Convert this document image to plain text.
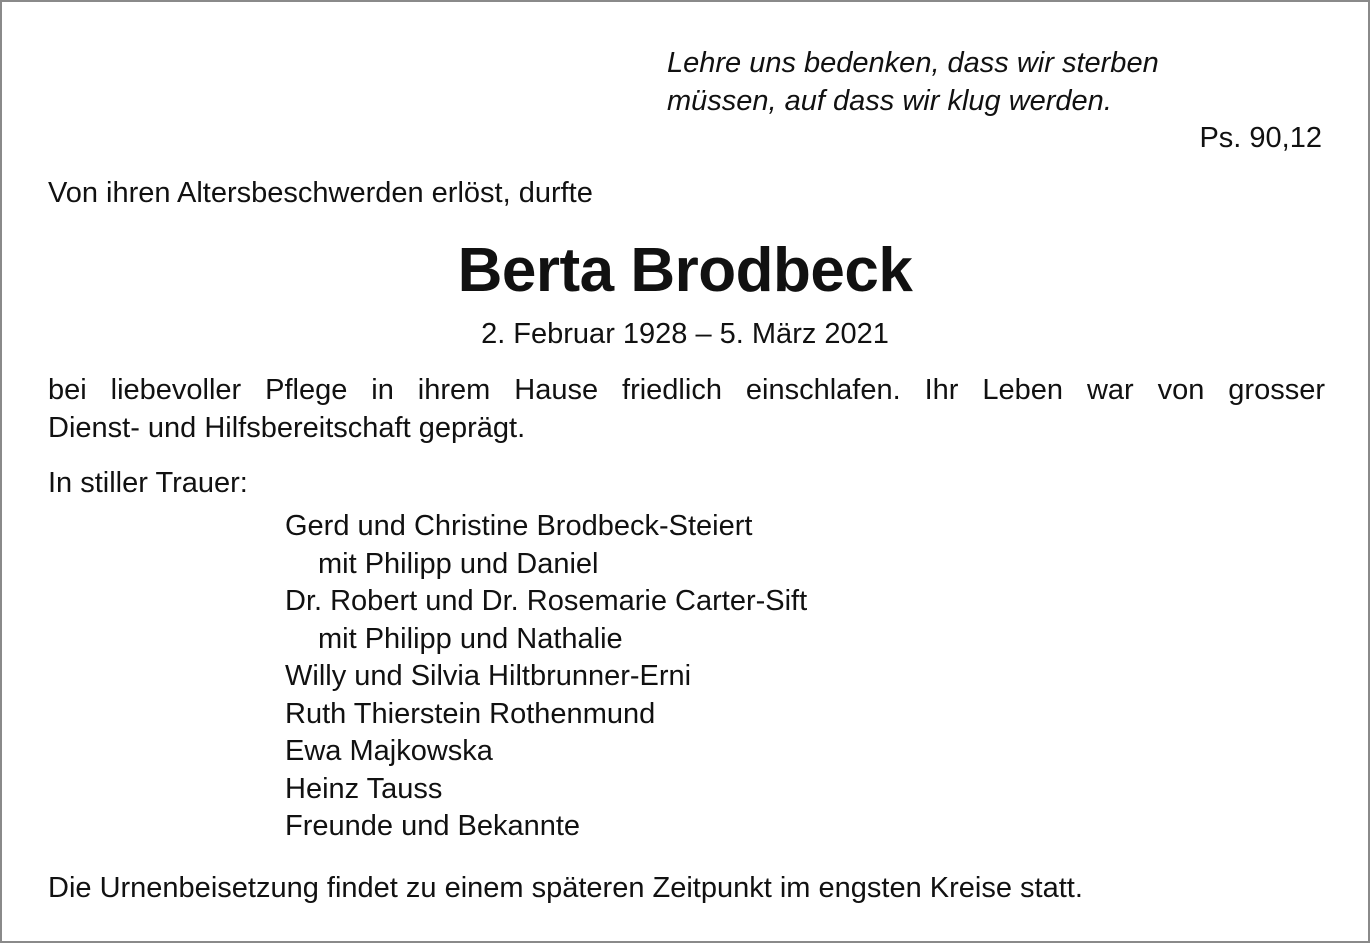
Lehre uns bedenken, dass wir sterben
müssen, auf dass wir klug werden.
Ps. 90,12
Von ihren Altersbeschwerden erlöst, durfte
Berta Brodbeck
2. Februar 1928 – 5. März 2021
bei liebevoller Pflege in ihrem Hause friedlich einschlafen. Ihr Leben war von grosser
Dienst- und Hilfsbereitschaft geprägt.
In stiller Trauer:
Gerd und Christine Brodbeck-Steiert
mit Philipp und Daniel
Dr. Robert und Dr. Rosemarie Carter-Sift
mit Philipp und Nathalie
Willy und Silvia Hiltbrunner-Erni
Ruth Thierstein Rothenmund
Ewa Majkowska
Heinz Tauss
Freunde und Bekannte
Die Urnenbeisetzung findet zu einem späteren Zeitpunkt im engsten Kreise statt.
